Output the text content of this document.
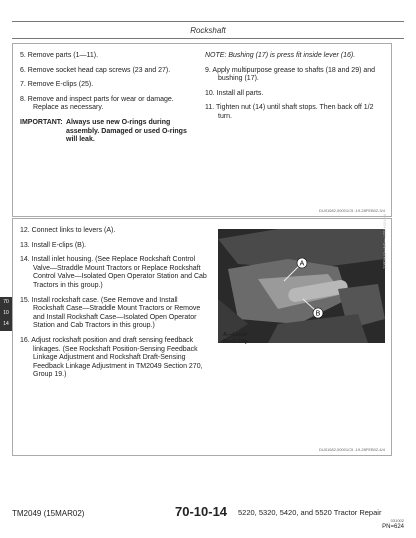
Rockshaft
5. Remove parts (1—11).
6. Remove socket head cap screws (23 and 27).
7. Remove E-clips (25).
8. Remove and inspect parts for wear or damage. Replace as necessary.
IMPORTANT: Always use new O-rings during assembly. Damaged or used O-rings will leak.
NOTE: Bushing (17) is press fit inside lever (16).
9. Apply multipurpose grease to shafts (18 and 29) and bushing (17).
10. Install all parts.
11. Tighten nut (14) until shaft stops. Then back off 1/2 turn.
DU01082,00001C5 -19-28FEB02-3/4
12. Connect links to levers (A).
13. Install E-clips (B).
14. Install inlet housing. (See Replace Rockshaft Control Valve—Straddle Mount Tractors or Replace Rockshaft Control Valve—Isolated Open Operator Station and Cab Tractors in this group.)
15. Install rockshaft case. (See Remove and Install Rockshaft Case—Straddle Mount Tractors or Remove and Install Rockshaft Case—Isolated Open Operator Station and Cab Tractors in this group.)
16. Adjust rockshaft position and draft sensing feedback linkages. (See Rockshaft Position-Sensing Feedback Linkage Adjustment and Rockshaft Draft-Sensing Feedback Linkage Adjustment in TM2049 Section 270, Group 19.)
A
B
RXA0047127 —UN—07FEB02
A—Lever
B—E-Clip
DU01082,00001C5 -19-28FEB02-4/4
70
10
14
TM2049 (15MAR02)	70-10-14 5220, 5320, 5420, and 5520 Tractor Repair
031002
PN=624
